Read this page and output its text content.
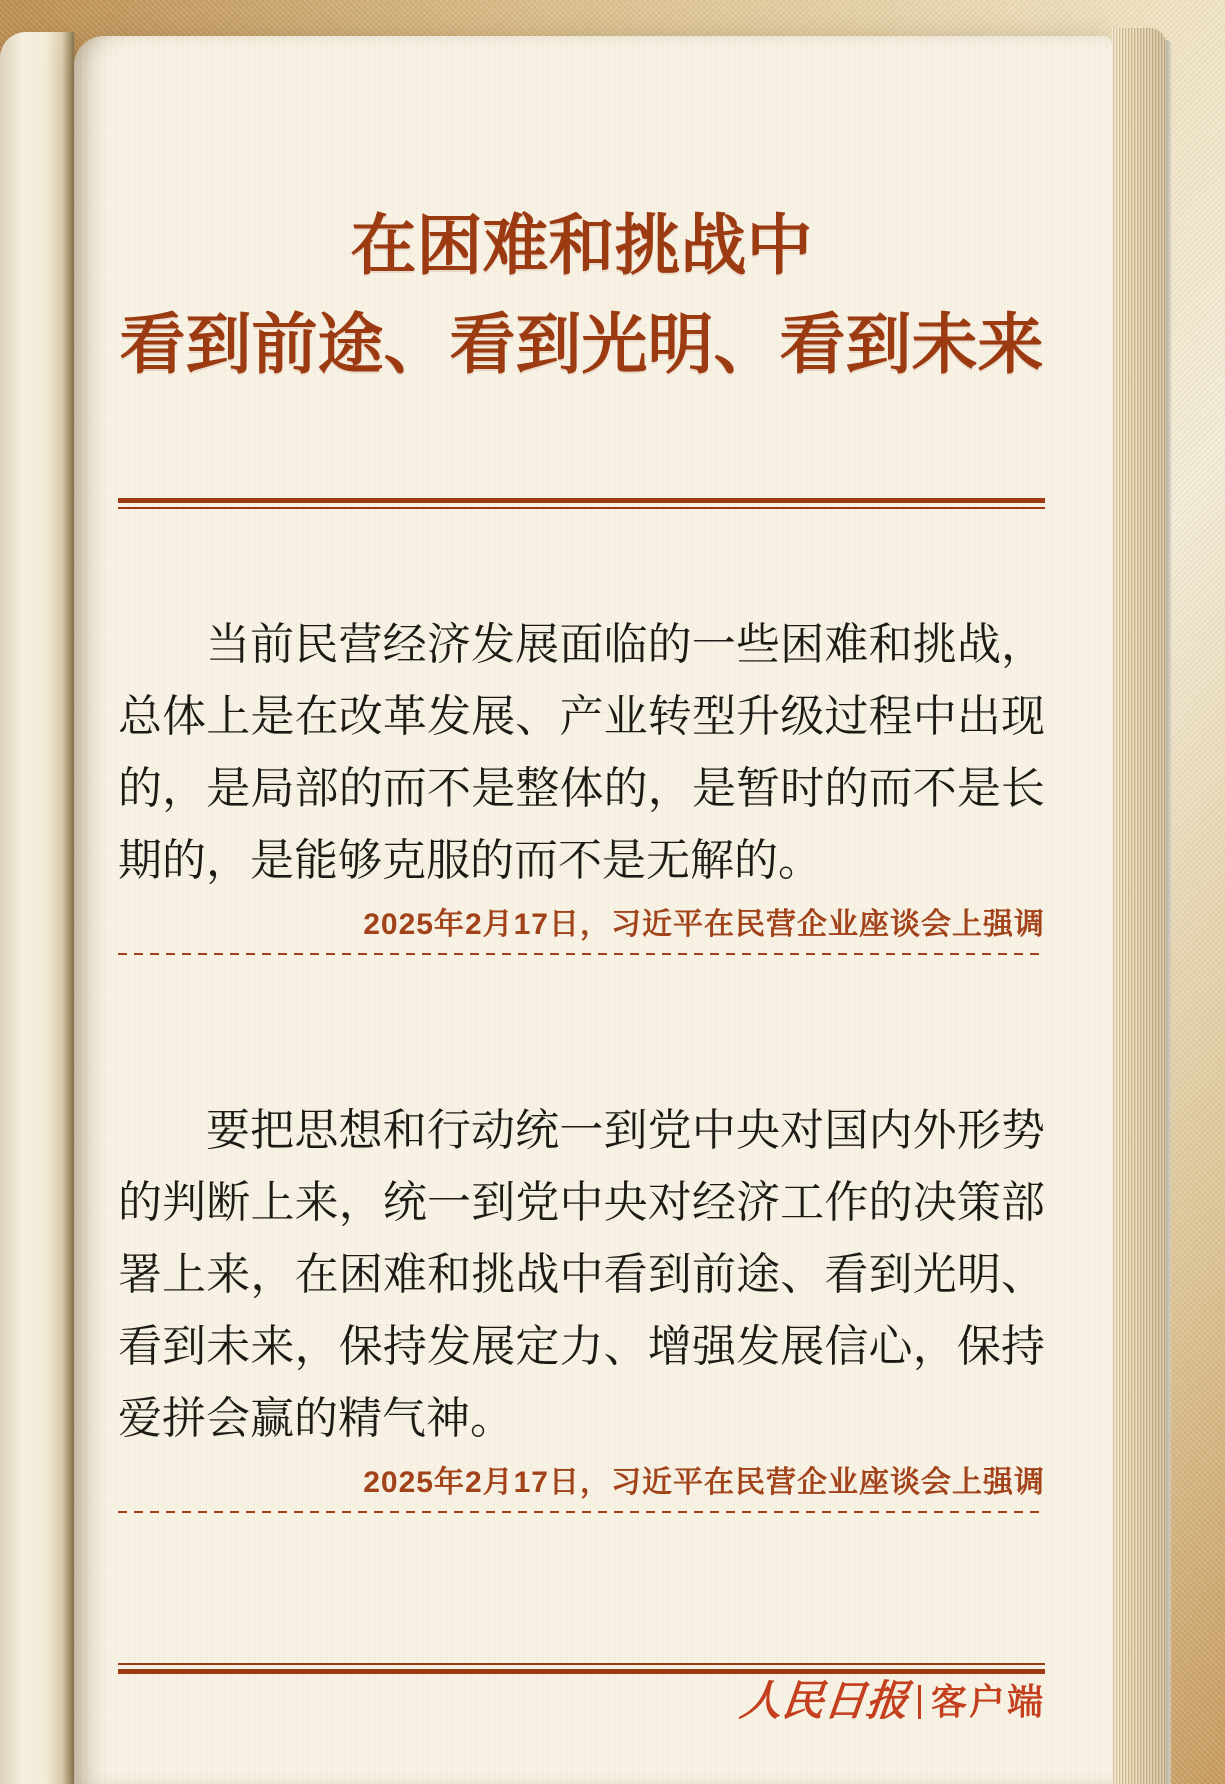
在困难和挑战中
看到前途、看到光明、看到未来

当前民营经济发展面临的一些困难和挑战，总体上是在改革发展、产业转型升级过程中出现的，是局部的而不是整体的，是暂时的而不是长期的，是能够克服的而不是无解的。

2025年2月17日，习近平在民营企业座谈会上强调

要把思想和行动统一到党中央对国内外形势的判断上来，统一到党中央对经济工作的决策部署上来，在困难和挑战中看到前途、看到光明、看到未来，保持发展定力、增强发展信心，保持爱拼会赢的精气神。

2025年2月17日，习近平在民营企业座谈会上强调
人民日报 客户端
